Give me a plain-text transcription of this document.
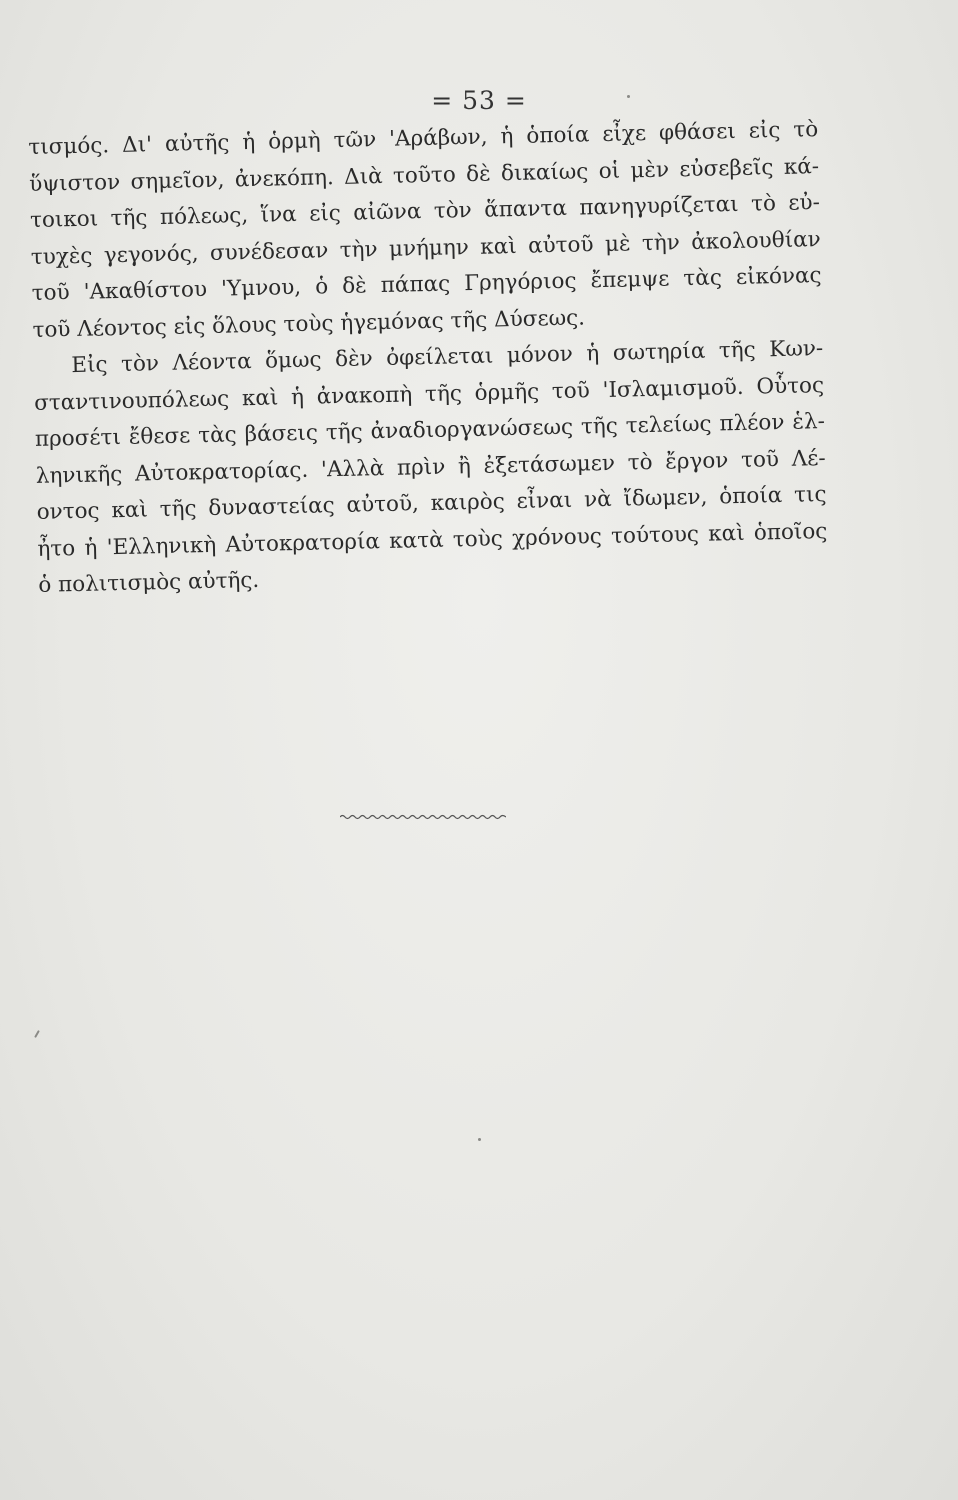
= 53 =
τισμός. Δι' αὐτῆς ἡ ὁρμὴ τῶν 'Αράβων, ἡ ὁποία εἶχε φθάσει εἰς τὸ
ὕψιστον σημεῖον, ἀνεκόπη. Διὰ τοῦτο δὲ δικαίως οἱ μὲν εὐσεβεῖς κά-
τοικοι τῆς πόλεως, ἵνα εἰς αἰῶνα τὸν ἅπαντα πανηγυρίζεται τὸ εὐ-
τυχὲς γεγονός, συνέδεσαν τὴν μνήμην καὶ αὐτοῦ μὲ τὴν ἀκολουθίαν
τοῦ 'Ακαθίστου 'Υμνου, ὁ δὲ πάπας Γρηγόριος ἔπεμψε τὰς εἰκόνας
τοῦ Λέοντος εἰς ὅλους τοὺς ἡγεμόνας τῆς Δύσεως.
Εἰς τὸν Λέοντα ὅμως δὲν ὀφείλεται μόνον ἡ σωτηρία τῆς Κων-
σταντινουπόλεως καὶ ἡ ἀνακοπὴ τῆς ὁρμῆς τοῦ 'Ισλαμισμοῦ. Οὗτος
προσέτι ἔθεσε τὰς βάσεις τῆς ἀναδιοργανώσεως τῆς τελείως πλέον ἑλ-
ληνικῆς Αὐτοκρατορίας. 'Αλλὰ πρὶν ἢ ἐξετάσωμεν τὸ ἔργον τοῦ Λέ-
οντος καὶ τῆς δυναστείας αὐτοῦ, καιρὸς εἶναι νὰ ἴδωμεν, ὁποία τις
ἦτο ἡ 'Ελληνικὴ Αὐτοκρατορία κατὰ τοὺς χρόνους τούτους καὶ ὁποῖος
ὁ πολιτισμὸς αὐτῆς.
